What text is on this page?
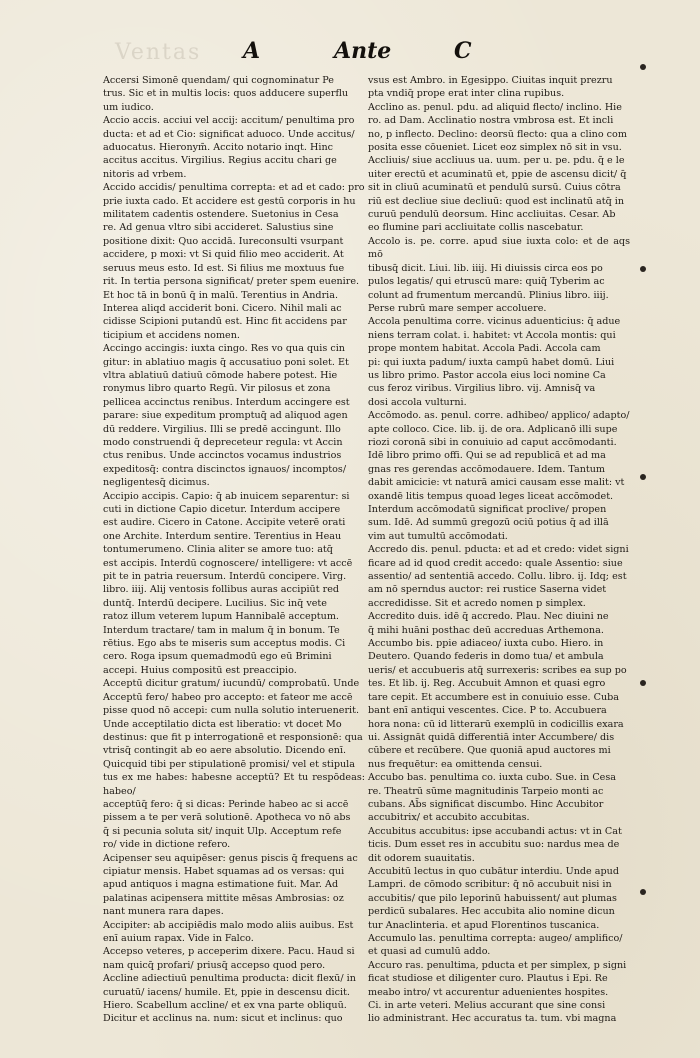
Ventas A	Ante	C

Accersi Simonē quendam/ qui cognominatur Pe

trus. Sic et in multis locis: quos adducere superflu

um iudico.

Accio accis. acciui vel accij: accitum/ penultima pro

ducta: et ad et Cio: significat aduoco. Unde accitus/

aduocatus. Hieronym̄. Accito notario inqt. Hinc

accitus accitus. Virgilius. Regius accitu chari ge

nitoris ad vrbem.

Accido accidis/ penultima correpta: et ad et cado: pro

prie iuxta cado. Et accidere est gestū corporis in hu

militatem cadentis ostendere. Suetonius in Cesa

re. Ad genua vltro sibi accideret. Salustius sine

positione dixit: Quo accidā. Iureconsulti vsurpant

accidere, p moxi: vt Si quid filio meo acciderit. At

seruus meus esto. Id est. Si filius me moxtuus fue

rit. In tertia persona significat/ preter spem euenire.

Et hoc tā in bonū q̄ in malū. Terentius in Andria.

Interea aliqd acciderit boni. Cicero. Nihil mali ac

cidisse Scipioni putandū est. Hinc fit accidens par

ticipium et accidens nomen.

Accingo accingis: iuxta cingo. Res vo qua quis cin

gitur: in ablatiuo magis q̄ accusatiuo poni solet. Et

vltra ablatiuū datiuū cōmode habere potest. Hie

ronymus libro quarto Regū. Vir pilosus et zona

pellicea accinctus renibus. Interdum accingere est

parare: siue expeditum promptuq̄ ad aliquod agen

dū reddere. Virgilius. Illi se predē accingunt. Illo

modo construendi q̄ depreceteur regula: vt Accin

ctus renibus. Unde accinctos vocamus industrios

expeditosq̄: contra discinctos ignauos/ incomptos/

negligentesq̄ dicimus.

Accipio accipis. Capio: q̄ ab inuicem separentur: si

cuti in dictione Capio dicetur. Interdum accipere

est audire. Cicero in Catone. Accipite veterē orati

one Archite. Interdum sentire. Terentius in Heau

tontumerumeno. Clinia aliter se amore tuo: atq̄

est accipis. Interdū cognoscere/ intelligere: vt accē

pit te in patria reuersum. Interdū concipere. Virg.

libro. iiij. Alij ventosis follibus auras accipiūt red

duntq̄. Interdū decipere. Lucilius. Sic inq̄ vete

ratoz illum veterem lupum Hannibalē acceptum.

Interdum tractare/ tam in malum q̄ in bonum. Te

rētius. Ego abs te miseris sum acceptus modis. Ci

cero. Roga ipsum quemadmodū ego eū Brimini

accepi. Huius compositū est preaccipio.

Acceptū dicitur gratum/ iucundū/ comprobatū. Unde

Acceptū fero/ habeo pro accepto: et fateor me accē

pisse quod nō accepi: cum nulla solutio interuenerit.

Unde acceptilatio dicta est liberatio: vt docet Mo

destinus: que fit p interrogationē et responsionē: qua

vtrisq̄ contingit ab eo aere absolutio. Dicendo enī.

Quicquid tibi per stipulationē promisi/ vel et stipula

tus ex me habes: habesne acceptū? Et tu respōdeas: habeo/

acceptūq̄ fero: q̄ si dicas: Perinde habeo ac si accē

pissem a te per verā solutionē. Apotheca vo nō abs

q̄ si pecunia soluta sit/ inquit Ulp. Acceptum refe

ro/ vide in dictione refero.

Acipenser seu aquipēser: genus piscis q̄ frequens ac

cipiatur mensis. Habet squamas ad os versas: qui

apud antiquos i magna estimatione fuit. Mar. Ad

palatinas acipensera mittite mēsas Ambrosias: oz

nant munera rara dapes.

Accipiter: ab accipiēdis malo modo aliis auibus. Est

enī auium rapax. Vide in Falco.

Accepso veteres, p acceperim dixere. Pacu. Haud si

nam quicq̄ profari/ priusq̄ accepso quod pero.

Accline adiectiuū penultima producta: dicit flexū/ in

curuatū/ iacens/ humile. Et, ppie in descensu dicit.

Hiero. Scabellum accline/ et ex vna parte obliquū.

Dicitur et acclinus na. num: sicut et inclinus: quo

vsus est Ambro. in Egesippo. Ciuitas inquit prezru

pta vndiq̄ prope erat inter clina rupibus.

Acclino as. penul. pdu. ad aliquid flecto/ inclino. Hie

ro. ad Dam. Acclinatio nostra vmbrosa est. Et incli

no, p inflecto. Declino: deorsū flecto: qua a clino com

posita esse cōueniet. Licet eoz simplex nō sit in vsu.

Accliuis/ siue accliuus ua. uum. per u. pe. pdu. q̄ e le

uiter erectū et acuminatū et, ppie de ascensu dicit/ q̄

sit in cliuū acuminatū et pendulū sursū. Cuius cōtra

riū est decliue siue decliuū: quod est inclinatū atq̄ in

curuū pendulū deorsum. Hinc accliuitas. Cesar. Ab

eo flumine pari accliuitate collis nascebatur.

Accolo is. pe. corre. apud siue iuxta colo: et de aqs mō

tibusq̄ dicit. Liui. lib. iiij. Hi diuissis circa eos po

pulos legatis/ qui etruscū mare: quiq̄ Tyberim ac

colunt ad frumentum mercandū. Plinius libro. iiij.

Perse rubrū mare semper accoluere.

Accola penultima corre. vicinus aduenticius: q̄ adue

niens terram colat. i. habitet: vt Accola montis: qui

prope montem habitat. Accola Padi. Accola cam

pi: qui iuxta padum/ iuxta campū habet domū. Liui

us libro primo. Pastor accola eius loci nomine Ca

cus feroz viribus. Virgilius libro. vij. Amnisq̄ va

dosi accola vulturni.

Accōmodo. as. penul. corre. adhibeo/ applico/ adapto/

apte colloco. Cice. lib. ij. de ora. Adplicanō illi supe

riozi coronā sibi in conuiuio ad caput accōmodanti.

Idē libro primo offi. Qui se ad republicā et ad ma

gnas res gerendas accōmodauere. Idem. Tantum

dabit amicicie: vt naturā amici causam esse malit: vt

oxandē litis tempus quoad leges liceat accōmodet.

Interdum accōmodatū significat proclive/ propen

sum. Idē. Ad summū gregozū ociū potius q̄ ad illā

vim aut tumultū accōmodati.

Accredo dis. penul. pducta: et ad et credo: videt signi

ficare ad id quod credit accedo: quale Assentio: siue

assentio/ ad sententiā accedo. Collu. libro. ij. Idq; est

am nō sperndus auctor: rei rustice Saserna videt

accredidisse. Sit et acredo nomen p simplex.

Accredito duis. idē q̄ accredo. Plau. Nec diuini ne

q̄ mihi huāni posthac deū accreduas Arthemona.

Accumbo bis. ppie adiaceo/ iuxta cubo. Hiero. in

Deutero. Quando federis in domo tua/ et ambula

ueris/ et accubueris atq̄ surrexeris: scribes ea sup po

tes. Et lib. ij. Reg. Accubuit Amnon et quasi egro

tare cepit. Et accumbere est in conuiuio esse. Cuba

bant enī antiqui vescentes. Cice. P to. Accubuera

hora nona: cū id litterarū exemplū in codicillis exara

ui. Assignāt quidā differentiā inter Accumbere/ dis

cūbere et recūbere. Que quoniā apud auctores mi

nus frequētur: ea omittenda censui.

Accubo bas. penultima co. iuxta cubo. Sue. in Cesa

re. Theatrū sūme magnitudinis Tarpeio monti ac

cubans. Ab̄s significat discumbo. Hinc Accubitor

accubitrix/ et accubito accubitas.

Accubitus accubitus: ipse accubandi actus: vt in Cat

ticis. Dum esset res in accubitu suo: nardus mea de

dit odorem suauitatis.

Accubitū lectus in quo cubātur interdiu. Unde apud

Lampri. de cōmodo scribitur: q̄ nō accubuit nisi in

accubitis/ que pilo leporinū habuissent/ aut plumas

perdicū subalares. Hec accubita alio nomine dicun

tur Anaclinteria. et apud Florentinos tuscanica.

Accumulo las. penultima correpta: augeo/ amplifico/

et quasi ad cumulū addo.

Accuro ras. penultima, pducta et per simplex, p signi

ficat studiose et diligenter curo. Plautus i Epi. Re

meabo intro/ vt accurentur aduenientes hospites.

Ci. in arte veteri. Melius accurant que sine consi

lio administrant. Hec accuratus ta. tum. vbi magna
